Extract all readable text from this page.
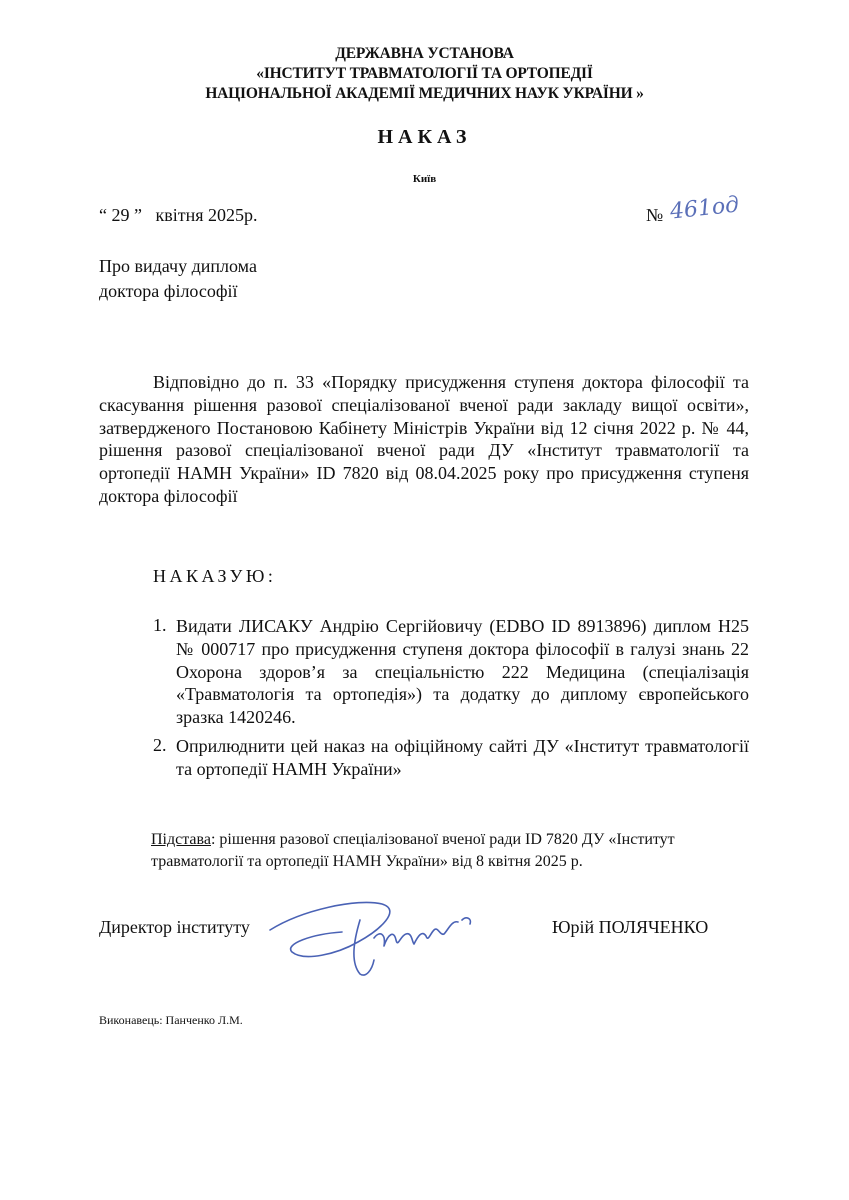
ДЕРЖАВНА УСТАНОВА
«ІНСТИТУТ ТРАВМАТОЛОГІЇ ТА ОРТОПЕДІЇ
НАЦІОНАЛЬНОЇ АКАДЕМІЇ МЕДИЧНИХ НАУК УКРАЇНИ »
НАКАЗ
Київ
“ 29 ”   квітня 2025р.	№ 461од
Про видачу диплома
доктора філософії
Відповідно до п. 33 «Порядку присудження ступеня доктора філософії та скасування рішення разової спеціалізованої вченої ради закладу вищої освіти», затвердженого Постановою Кабінету Міністрів України від 12 січня 2022 р. № 44, рішення разової спеціалізованої вченої ради ДУ «Інститут травматології та ортопедії НАМН України» ID 7820 від 08.04.2025 року про присудження ступеня доктора філософії
НАКАЗУЮ:
1. Видати ЛИСАКУ Андрію Сергійовичу (EDBO ID 8913896) диплом H25 № 000717 про присудження ступеня доктора філософії в галузі знань 22 Охорона здоров’я за спеціальністю 222 Медицина (спеціалізація «Травматологія та ортопедія») та додатку до диплому європейського зразка 1420246.
2. Оприлюднити цей наказ на офіційному сайті ДУ «Інститут травматології та ортопедії НАМН України»
Підстава: рішення разової спеціалізованої вченої ради ID 7820 ДУ «Інститут травматології та ортопедії НАМН України» від 8 квітня 2025 р.
Директор інституту	Юрій ПОЛЯЧЕНКО
Виконавець: Панченко Л.М.
